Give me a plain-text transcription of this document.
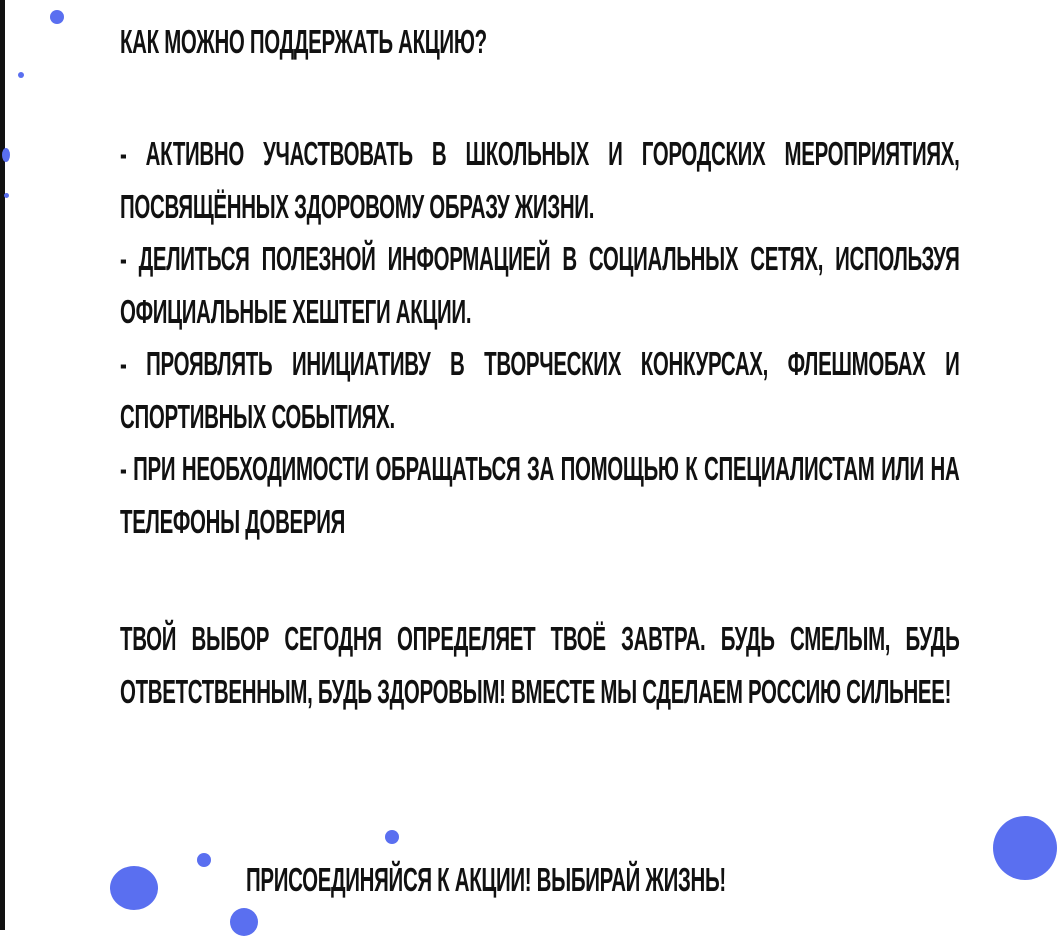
КАК МОЖНО ПОДДЕРЖАТЬ АКЦИЮ?
- АКТИВНО УЧАСТВОВАТЬ В ШКОЛЬНЫХ И ГОРОДСКИХ МЕРОПРИЯТИЯХ, ПОСВЯЩЁННЫХ ЗДОРОВОМУ ОБРАЗУ ЖИЗНИ.
- ДЕЛИТЬСЯ ПОЛЕЗНОЙ ИНФОРМАЦИЕЙ В СОЦИАЛЬНЫХ СЕТЯХ, ИСПОЛЬЗУЯ ОФИЦИАЛЬНЫЕ ХЕШТЕГИ АКЦИИ.
- ПРОЯВЛЯТЬ ИНИЦИАТИВУ В ТВОРЧЕСКИХ КОНКУРСАХ, ФЛЕШМОБАХ И СПОРТИВНЫХ СОБЫТИЯХ.
- ПРИ НЕОБХОДИМОСТИ ОБРАЩАТЬСЯ ЗА ПОМОЩЬЮ К СПЕЦИАЛИСТАМ ИЛИ НА ТЕЛЕФОНЫ ДОВЕРИЯ
ТВОЙ ВЫБОР СЕГОДНЯ ОПРЕДЕЛЯЕТ ТВОЁ ЗАВТРА. БУДЬ СМЕЛЫМ, БУДЬ ОТВЕТСТВЕННЫМ, БУДЬ ЗДОРОВЫМ! ВМЕСТЕ МЫ СДЕЛАЕМ РОССИЮ СИЛЬНЕЕ!
ПРИСОЕДИНЯЙСЯ К АКЦИИ! ВЫБИРАЙ ЖИЗНЬ!
